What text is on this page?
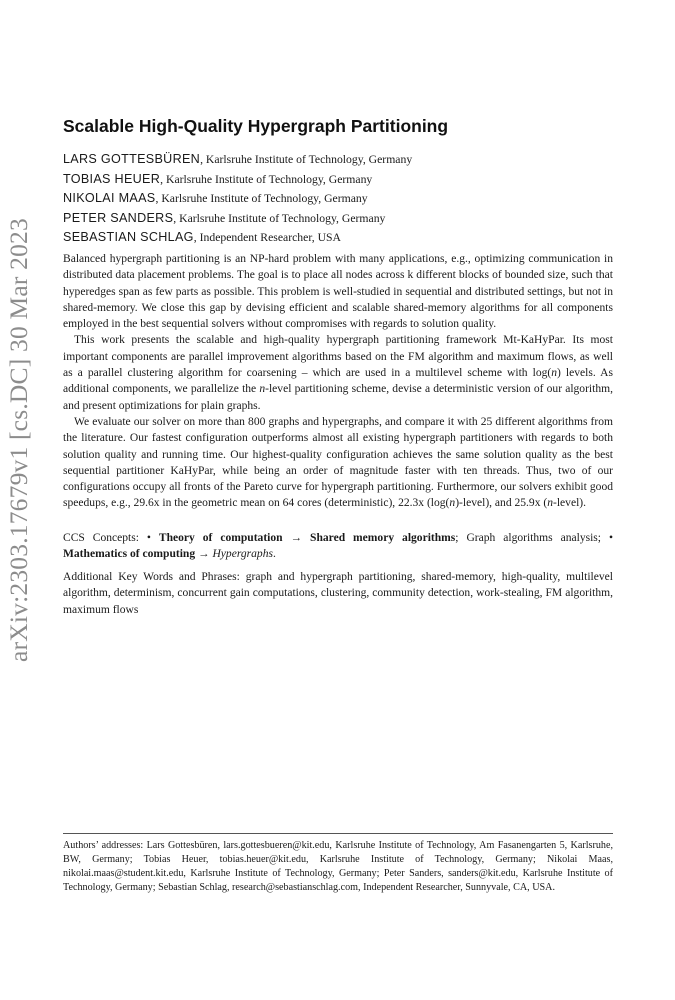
arXiv:2303.17679v1 [cs.DC] 30 Mar 2023
Scalable High-Quality Hypergraph Partitioning
LARS GOTTESBÜREN, Karlsruhe Institute of Technology, Germany
TOBIAS HEUER, Karlsruhe Institute of Technology, Germany
NIKOLAI MAAS, Karlsruhe Institute of Technology, Germany
PETER SANDERS, Karlsruhe Institute of Technology, Germany
SEBASTIAN SCHLAG, Independent Researcher, USA

Balanced hypergraph partitioning is an NP-hard problem with many applications, e.g., optimizing communication in distributed data placement problems. The goal is to place all nodes across k different blocks of bounded size, such that hyperedges span as few parts as possible. This problem is well-studied in sequential and distributed settings, but not in shared-memory. We close this gap by devising efficient and scalable shared-memory algorithms for all components employed in the best sequential solvers without compromises with regards to solution quality.

This work presents the scalable and high-quality hypergraph partitioning framework Mt-KaHyPar. Its most important components are parallel improvement algorithms based on the FM algorithm and maximum flows, as well as a parallel clustering algorithm for coarsening – which are used in a multilevel scheme with log(n) levels. As additional components, we parallelize the n-level partitioning scheme, devise a deterministic version of our algorithm, and present optimizations for plain graphs.

We evaluate our solver on more than 800 graphs and hypergraphs, and compare it with 25 different algorithms from the literature. Our fastest configuration outperforms almost all existing hypergraph partitioners with regards to both solution quality and running time. Our highest-quality configuration achieves the same solution quality as the best sequential partitioner KaHyPar, while being an order of magnitude faster with ten threads. Thus, two of our configurations occupy all fronts of the Pareto curve for hypergraph partitioning. Furthermore, our solvers exhibit good speedups, e.g., 29.6x in the geometric mean on 64 cores (deterministic), 22.3x (log(n)-level), and 25.9x (n-level).

CCS Concepts: • Theory of computation → Shared memory algorithms; Graph algorithms analysis; • Mathematics of computing → Hypergraphs.
Additional Key Words and Phrases: graph and hypergraph partitioning, shared-memory, high-quality, multilevel algorithm, determinism, concurrent gain computations, clustering, community detection, work-stealing, FM algorithm, maximum flows
Authors’ addresses: Lars Gottesbüren, lars.gottesbueren@kit.edu, Karlsruhe Institute of Technology, Am Fasanengarten 5, Karlsruhe, BW, Germany; Tobias Heuer, tobias.heuer@kit.edu, Karlsruhe Institute of Technology, Germany; Nikolai Maas, nikolai.maas@student.kit.edu, Karlsruhe Institute of Technology, Germany; Peter Sanders, sanders@kit.edu, Karlsruhe Institute of Technology, Germany; Sebastian Schlag, research@sebastianschlag.com, Independent Researcher, Sunnyvale, CA, USA.
